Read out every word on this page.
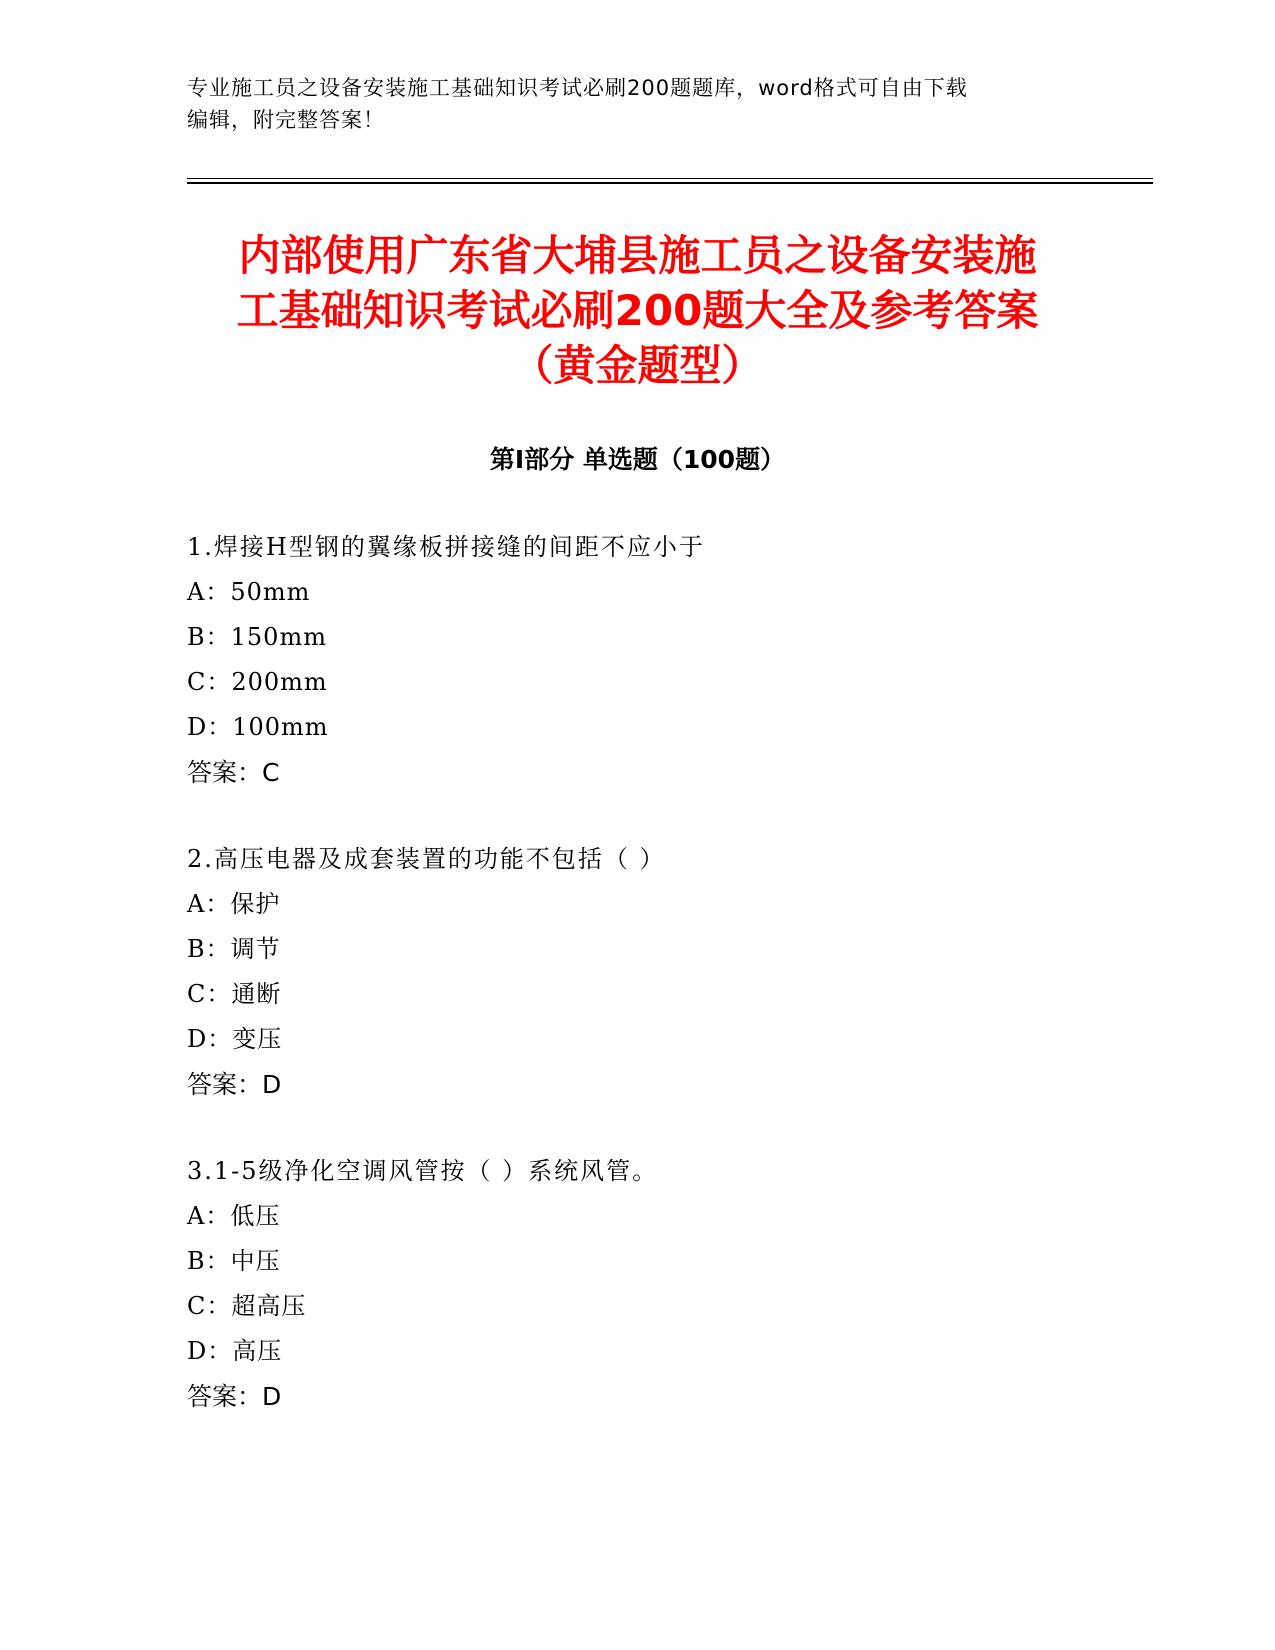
专业施工员之设备安装施工基础知识考试必刷200题题库，word格式可自由下载
编辑，附完整答案！
内部使用广东省大埔县施工员之设备安装施
工基础知识考试必刷200题大全及参考答案
（黄金题型）
第Ⅰ部分 单选题（100题）
1.焊接H型钢的翼缘板拼接缝的间距不应小于
A：50mm
B：150mm
C：200mm
D：100mm
答案：C
2.高压电器及成套装置的功能不包括（ ）
A：保护
B：调节
C：通断
D：变压
答案：D
3.1-5级净化空调风管按（ ）系统风管。
A：低压
B：中压
C：超高压
D：高压
答案：D
